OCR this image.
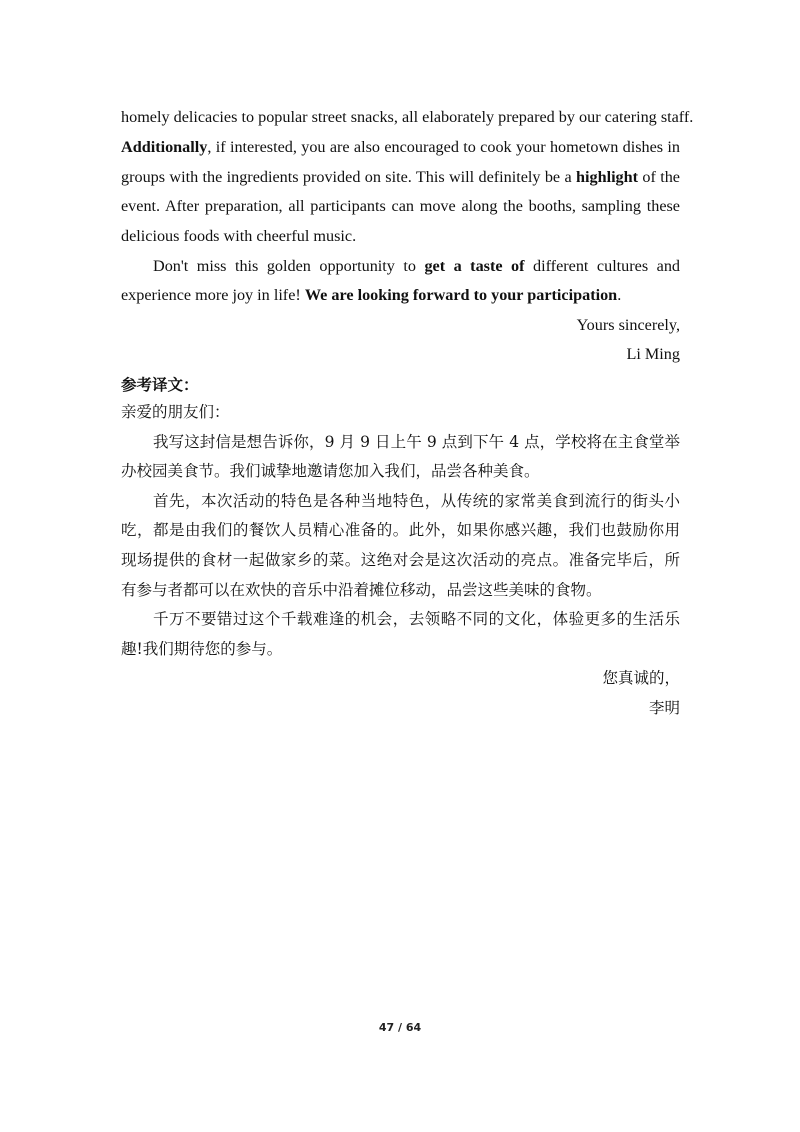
homely delicacies to popular street snacks, all elaborately prepared by our catering staff.
Additionally, if interested, you are also encouraged to cook your hometown dishes in
groups with the ingredients provided on site. This will definitely be a highlight of the
event. After preparation, all participants can move along the booths, sampling these
delicious foods with cheerful music.
Don't miss this golden opportunity to get a taste of different cultures and
experience more joy in life! We are looking forward to your participation.
Yours sincerely,
Li Ming
参考译文：
亲爱的朋友们：
我写这封信是想告诉你，9 月 9 日上午 9 点到下午 4 点，学校将在主食堂举
办校园美食节。我们诚挚地邀请您加入我们，品尝各种美食。
首先，本次活动的特色是各种当地特色，从传统的家常美食到流行的街头小
吃，都是由我们的餐饮人员精心准备的。此外，如果你感兴趣，我们也鼓励你用
现场提供的食材一起做家乡的菜。这绝对会是这次活动的亮点。准备完毕后，所
有参与者都可以在欢快的音乐中沿着摊位移动，品尝这些美味的食物。
千万不要错过这个千载难逢的机会，去领略不同的文化，体验更多的生活乐
趣!我们期待您的参与。
您真诚的，
李明
47 / 64
